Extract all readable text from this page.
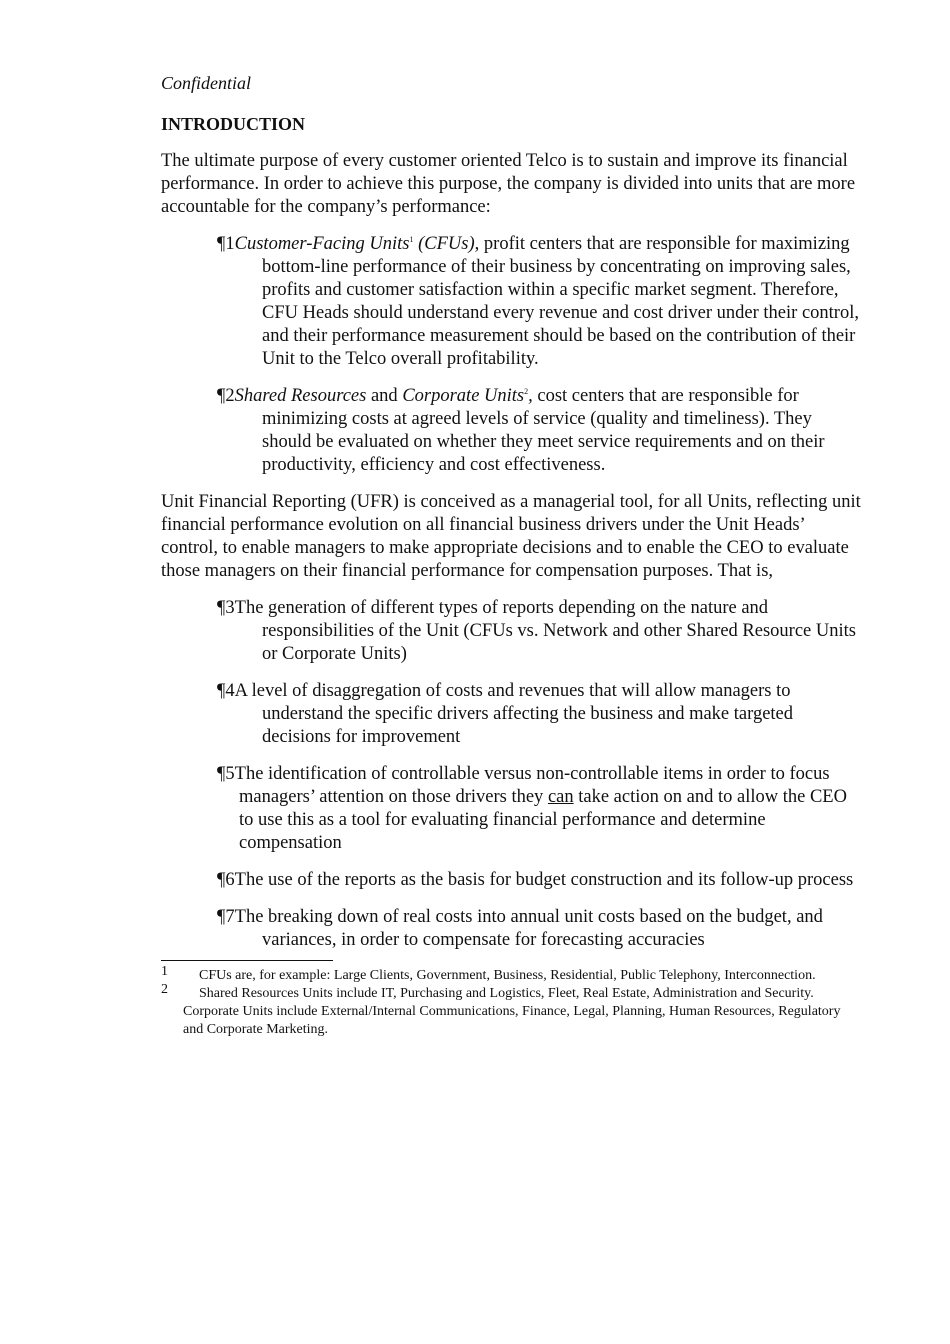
Confidential
INTRODUCTION

The ultimate purpose of every customer oriented Telco is to sustain and improve its financial performance. In order to achieve this purpose, the company is divided into units that are more accountable for the company’s performance:

¶1Customer-Facing Units$^1$ (CFUs), profit centers that are responsible for maximizing bottom-line performance of their business by concentrating on improving sales, profits and customer satisfaction within a specific market segment. Therefore, CFU Heads should understand every revenue and cost driver under their control, and their performance measurement should be based on the contribution of their Unit to the Telco overall profitability.
¶2Shared Resources and Corporate Units$^2$, cost centers that are responsible for minimizing costs at agreed levels of service (quality and timeliness). They should be evaluated on whether they meet service requirements and on their productivity, efficiency and cost effectiveness.

Unit Financial Reporting (UFR) is conceived as a managerial tool, for all Units, reflecting unit financial performance evolution on all financial business drivers under the Unit Heads’ control, to enable managers to make appropriate decisions and to enable the CEO to evaluate those managers on their financial performance for compensation purposes. That is,

¶3The generation of different types of reports depending on the nature and responsibilities of the Unit (CFUs vs. Network and other Shared Resource Units or Corporate Units)
¶4A level of disaggregation of costs and revenues that will allow managers to understand the specific drivers affecting the business and make targeted decisions for improvement
¶5The identification of controllable versus non-controllable items in order to focus managers’ attention on those drivers they can take action on and to allow the CEO to use this as a tool for evaluating financial performance and determine compensation
¶6The use of the reports as the basis for budget construction and its follow-up process
¶7The breaking down of real costs into annual unit costs based on the budget, and variances, in order to compensate for forecasting accuracies
1	CFUs are, for example: Large Clients, Government, Business, Residential, Public Telephony, Interconnection.
2	Shared Resources Units include IT, Purchasing and Logistics, Fleet, Real Estate, Administration and Security. Corporate Units include External/Internal Communications, Finance, Legal, Planning, Human Resources, Regulatory and Corporate Marketing.
